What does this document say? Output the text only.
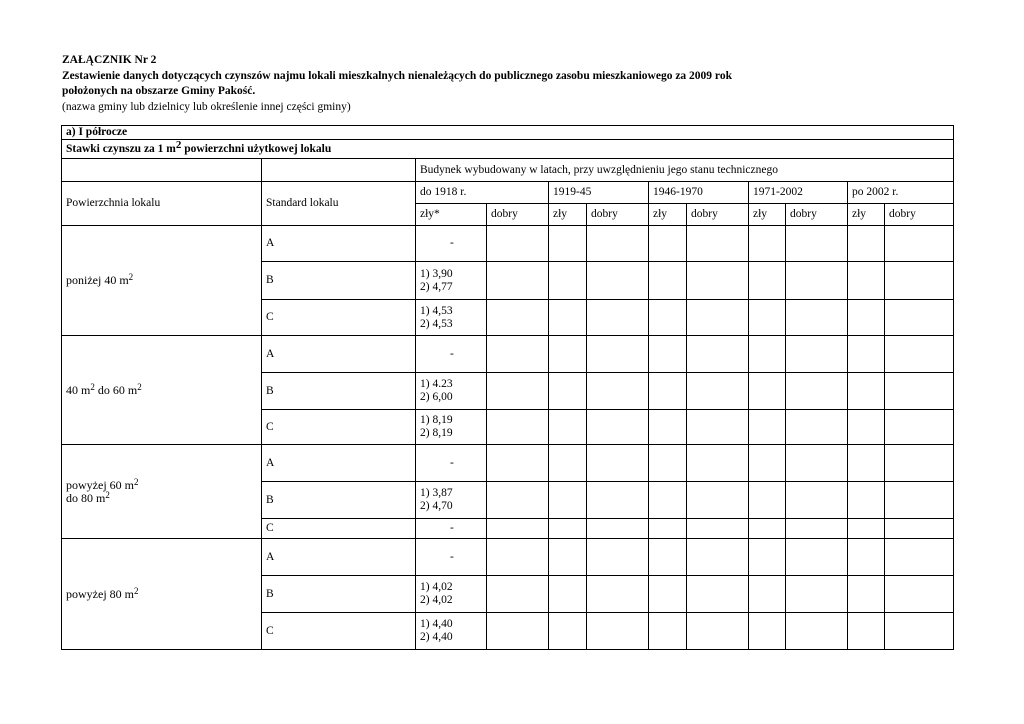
ZAŁĄCZNIK Nr 2
Zestawienie danych dotyczących czynszów najmu lokali mieszkalnych nienależących do publicznego zasobu mieszkaniowego za 2009 rok
położonych na obszarze Gminy Pakość.
(nazwa gminy lub dzielnicy lub określenie innej części gminy)
a) I półrocze											
Stawki czynszu za 1 $m^2$ powierzchni użytkowej lokalu											
		Budynek wybudowany w latach, przy uwzględnieniu jego stanu technicznego									
Powierzchnia lokalu	Standard lokalu	do 1918 r.		1919-45		1946-1970		1971-2002		po 2002 r.	
		zły*	dobry	zły	dobry	zły	dobry	zły	dobry	zły	dobry
poniżej 40 $m^2$	A	-									
	B	1) 3,90
2) 4,77									

	C	1) 4,53
2) 4,53									

40 $m^2$ do 60 $m^2$	A	-									
	B	1) 4.23
2) 6,00									

	C	1) 8,19
2) 8,19									

powyżej 60 $m^2$
do 80 $m^2$	A	-									
	B	1) 3,87
2) 4,70									

	C	-									
powyżej 80 $m^2$	A	-									
	B	1) 4,02
2) 4,02									

	C	1) 4,40
2) 4,40									
